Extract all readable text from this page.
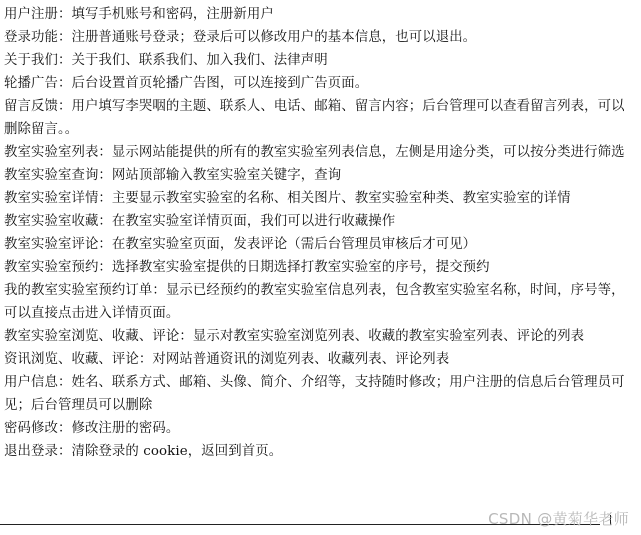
用户注册：填写手机账号和密码，注册新用户

登录功能：注册普通账号登录；登录后可以修改用户的基本信息，也可以退出。

关于我们：关于我们、联系我们、加入我们、法律声明

轮播广告：后台设置首页轮播广告图，可以连接到广告页面。

留言反馈：用户填写李哭咽的主题、联系人、电话、邮箱、留言内容；后台管理可以查看留言列表，可以删除留言。。

教室实验室列表：显示网站能提供的所有的教室实验室列表信息，左侧是用途分类，可以按分类进行筛选

教室实验室查询：网站顶部输入教室实验室关键字，查询

教室实验室详情：主要显示教室实验室的名称、相关图片、教室实验室种类、教室实验室的详情

教室实验室收藏：在教室实验室详情页面，我们可以进行收藏操作

教室实验室评论：在教室实验室页面，发表评论（需后台管理员审核后才可见）

教室实验室预约：选择教室实验室提供的日期选择打教室实验室的序号，提交预约

我的教室实验室预约订单：显示已经预约的教室实验室信息列表，包含教室实验室名称，时间，序号等，可以直接点击进入详情页面。

教室实验室浏览、收藏、评论：显示对教室实验室浏览列表、收藏的教室实验室列表、评论的列表

资讯浏览、收藏、评论：对网站普通资讯的浏览列表、收藏列表、评论列表

用户信息：姓名、联系方式、邮箱、头像、简介、介绍等，支持随时修改；用户注册的信息后台管理员可见；后台管理员可以删除

密码修改：修改注册的密码。

退出登录：清除登录的 cookie，返回到首页。

CSDN @黄菊华老师
